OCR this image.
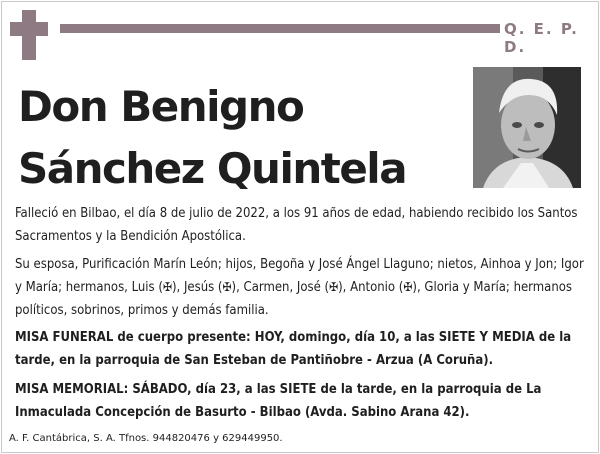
Q. E. P. D.
Don Benigno
Sánchez Quintela

Falleció en Bilbao, el día 8 de julio de 2022, a los 91 años de edad, habiendo recibido los Santos Sacramentos y la Bendición Apostólica.

Su esposa, Purificación Marín León; hijos, Begoña y José Ángel Llaguno; nietos, Ainhoa y Jon; Igor y María; hermanos, Luis (✠), Jesús (✠), Carmen, José (✠), Antonio (✠), Gloria y María; hermanos políticos, sobrinos, primos y demás familia.

MISA FUNERAL de cuerpo presente: HOY, domingo, día 10, a las SIETE Y MEDIA de la tarde, en la parroquia de San Esteban de Pantiñobre - Arzua (A Coruña).

MISA MEMORIAL: SÁBADO, día 23, a las SIETE de la tarde, en la parroquia de La Inmaculada Concepción de Basurto - Bilbao (Avda. Sabino Arana 42).

A. F. Cantábrica, S. A. Tfnos. 944820476 y 629449950.
